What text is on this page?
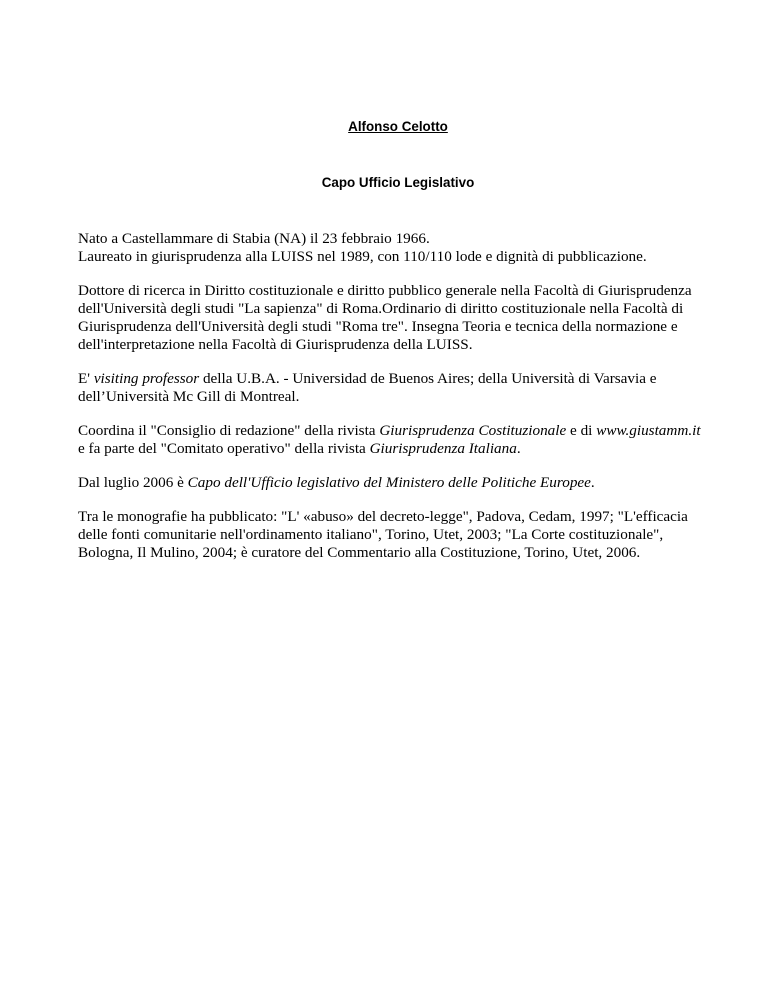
Alfonso Celotto

Capo Ufficio Legislativo

Nato a Castellammare di Stabia (NA) il 23 febbraio 1966.
Laureato in giurisprudenza alla LUISS nel 1989, con 110/110 lode e dignità di pubblicazione.

Dottore di ricerca in Diritto costituzionale e diritto pubblico generale nella Facoltà di Giurisprudenza
dell'Università degli studi "La sapienza" di Roma.Ordinario di diritto costituzionale nella Facoltà di
Giurisprudenza dell'Università degli studi "Roma tre". Insegna Teoria e tecnica della normazione e
dell'interpretazione nella Facoltà di Giurisprudenza della LUISS.

E' visiting professor della U.B.A. - Universidad de Buenos Aires; della Università di Varsavia e
dell’Università Mc Gill di Montreal.

Coordina il "Consiglio di redazione" della rivista Giurisprudenza Costituzionale e di www.giustamm.it
e fa parte del "Comitato operativo" della rivista Giurisprudenza Italiana.

Dal luglio 2006 è Capo dell'Ufficio legislativo del Ministero delle Politiche Europee.

Tra le monografie ha pubblicato: "L' «abuso» del decreto-legge", Padova, Cedam, 1997; "L'efficacia
delle fonti comunitarie nell'ordinamento italiano", Torino, Utet, 2003; "La Corte costituzionale",
Bologna, Il Mulino, 2004; è curatore del Commentario alla Costituzione, Torino, Utet, 2006.
